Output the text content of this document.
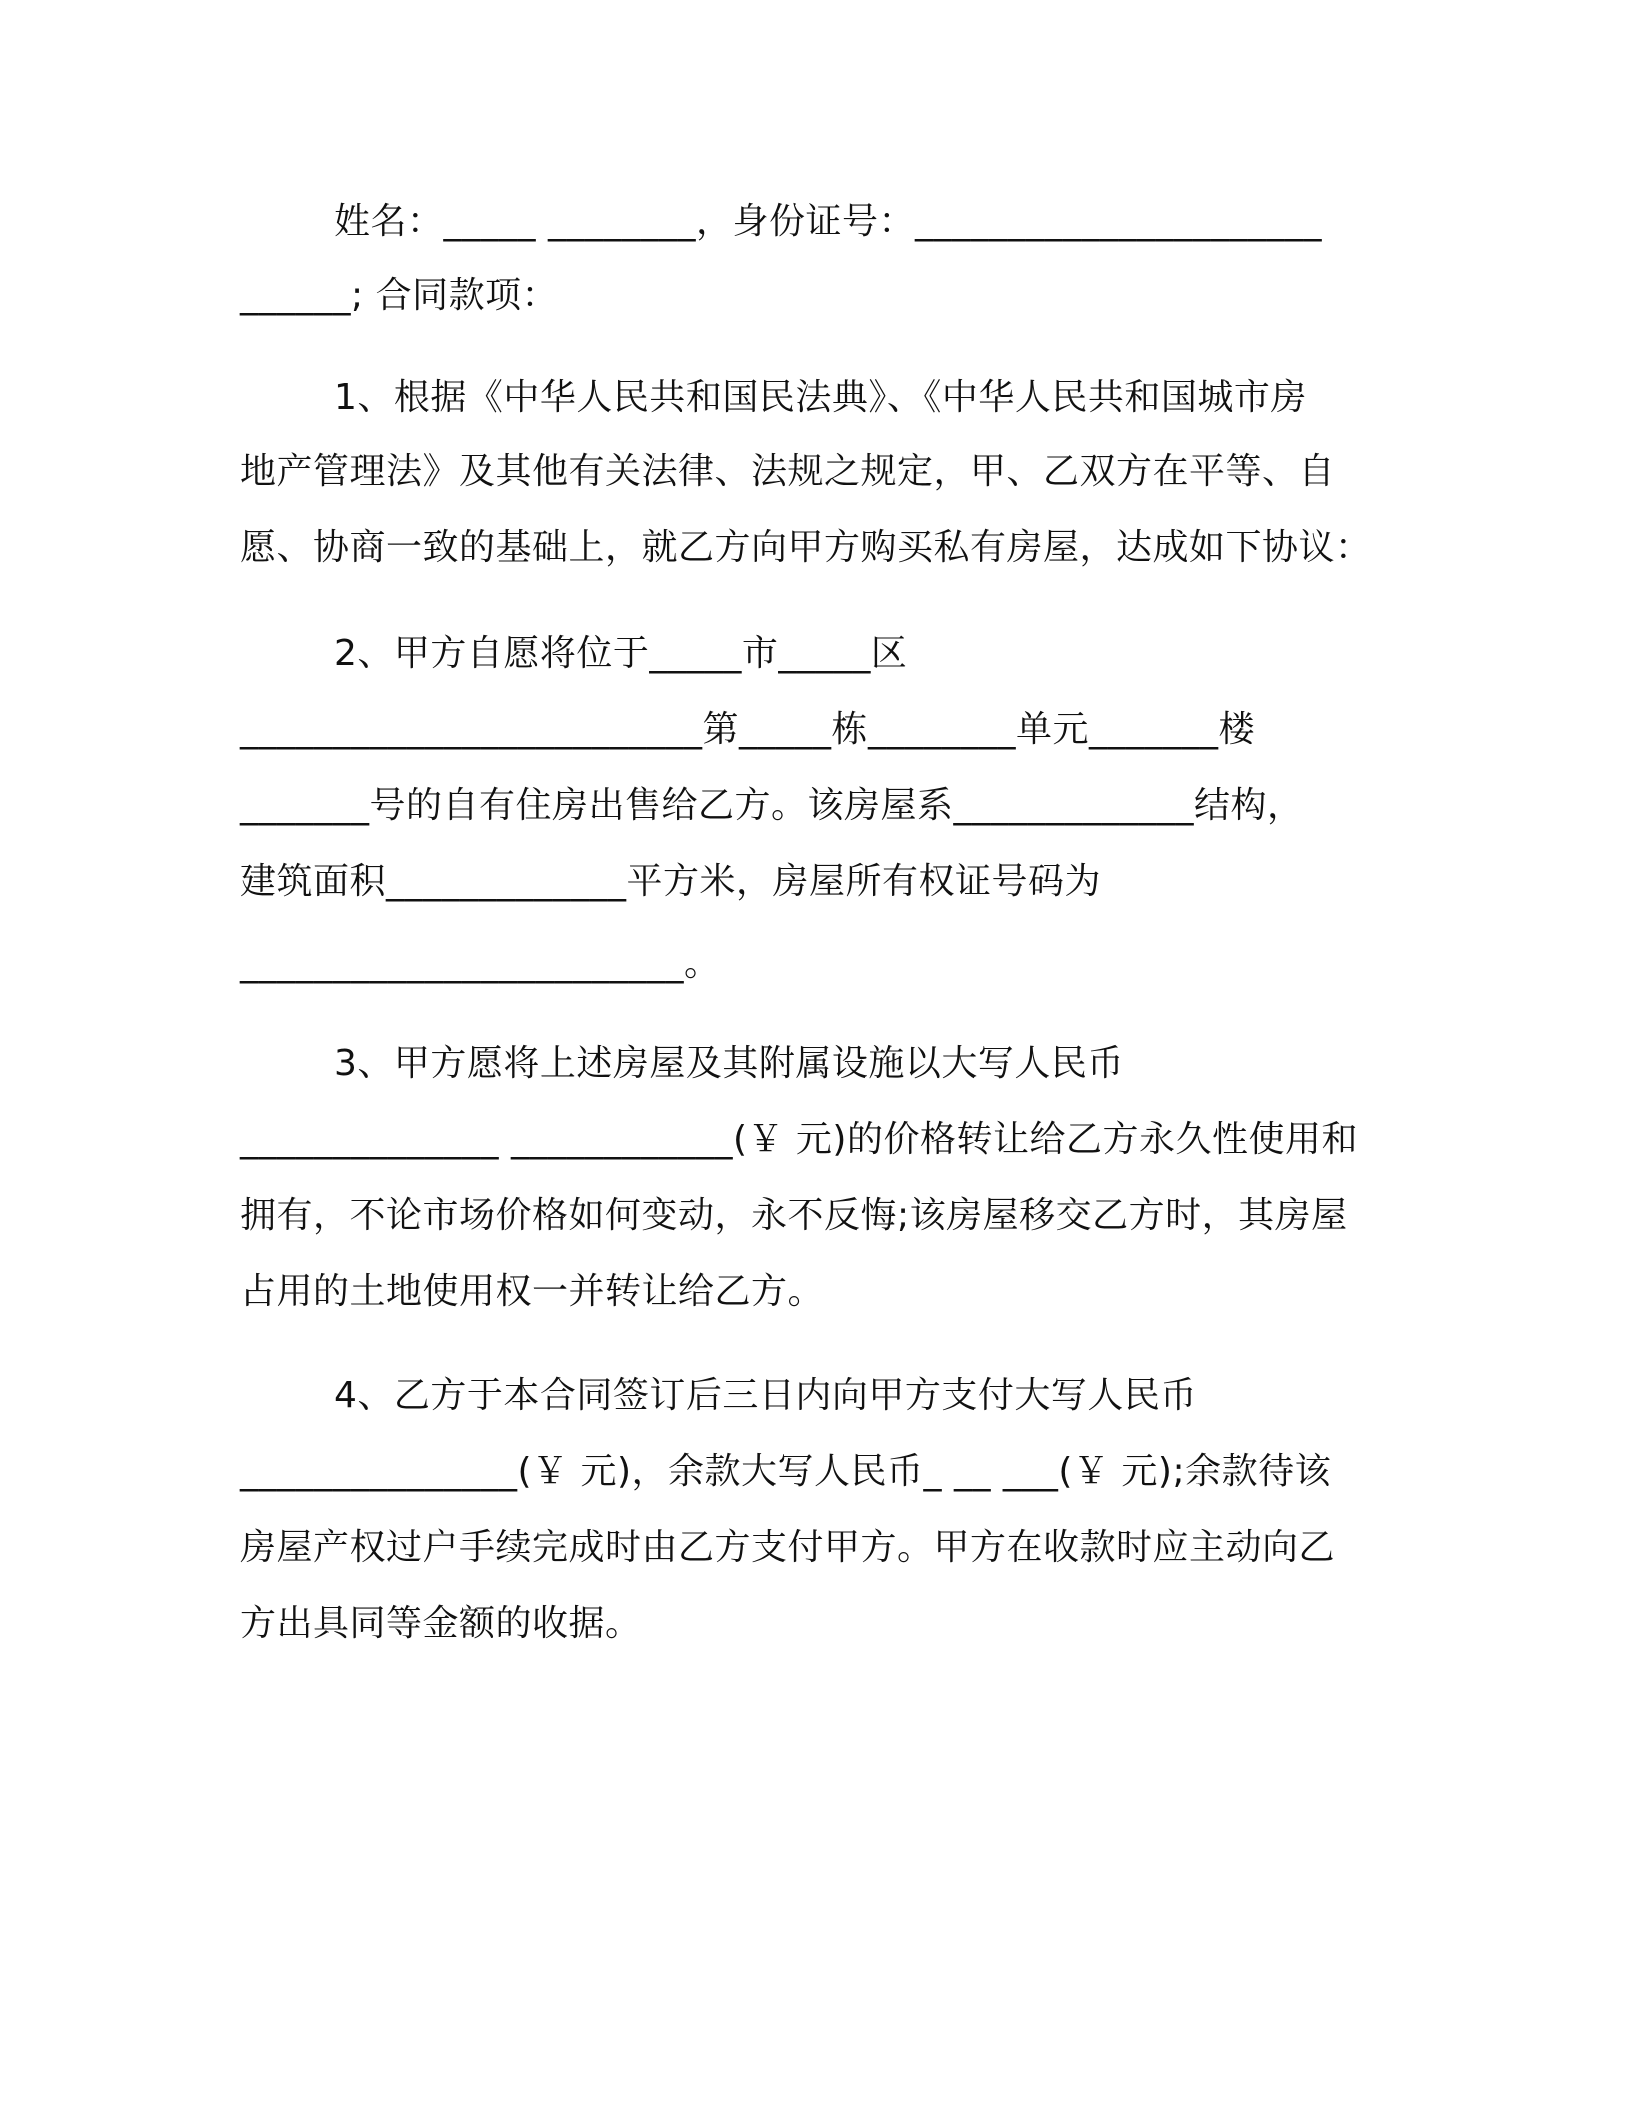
姓名：_____ ________，身份证号：______________________
______; 合同款项：
1、根据《中华人民共和国民法典》、《中华人民共和国城市房
地产管理法》及其他有关法律、法规之规定，甲、乙双方在平等、自
愿、协商一致的基础上，就乙方向甲方购买私有房屋，达成如下协议：
2、甲方自愿将位于_____市_____区
_________________________第_____栋________单元_______楼
_______号的自有住房出售给乙方。该房屋系_____________结构，
建筑面积_____________平方米，房屋所有权证号码为
________________________。
3、甲方愿将上述房屋及其附属设施以大写人民币
______________ ____________(￥ 元)的价格转让给乙方永久性使用和
拥有，不论市场价格如何变动，永不反悔;该房屋移交乙方时，其房屋
占用的土地使用权一并转让给乙方。
4、乙方于本合同签订后三日内向甲方支付大写人民币
_______________(￥ 元)，余款大写人民币_ __ ___(￥ 元);余款待该
房屋产权过户手续完成时由乙方支付甲方。甲方在收款时应主动向乙
方出具同等金额的收据。
